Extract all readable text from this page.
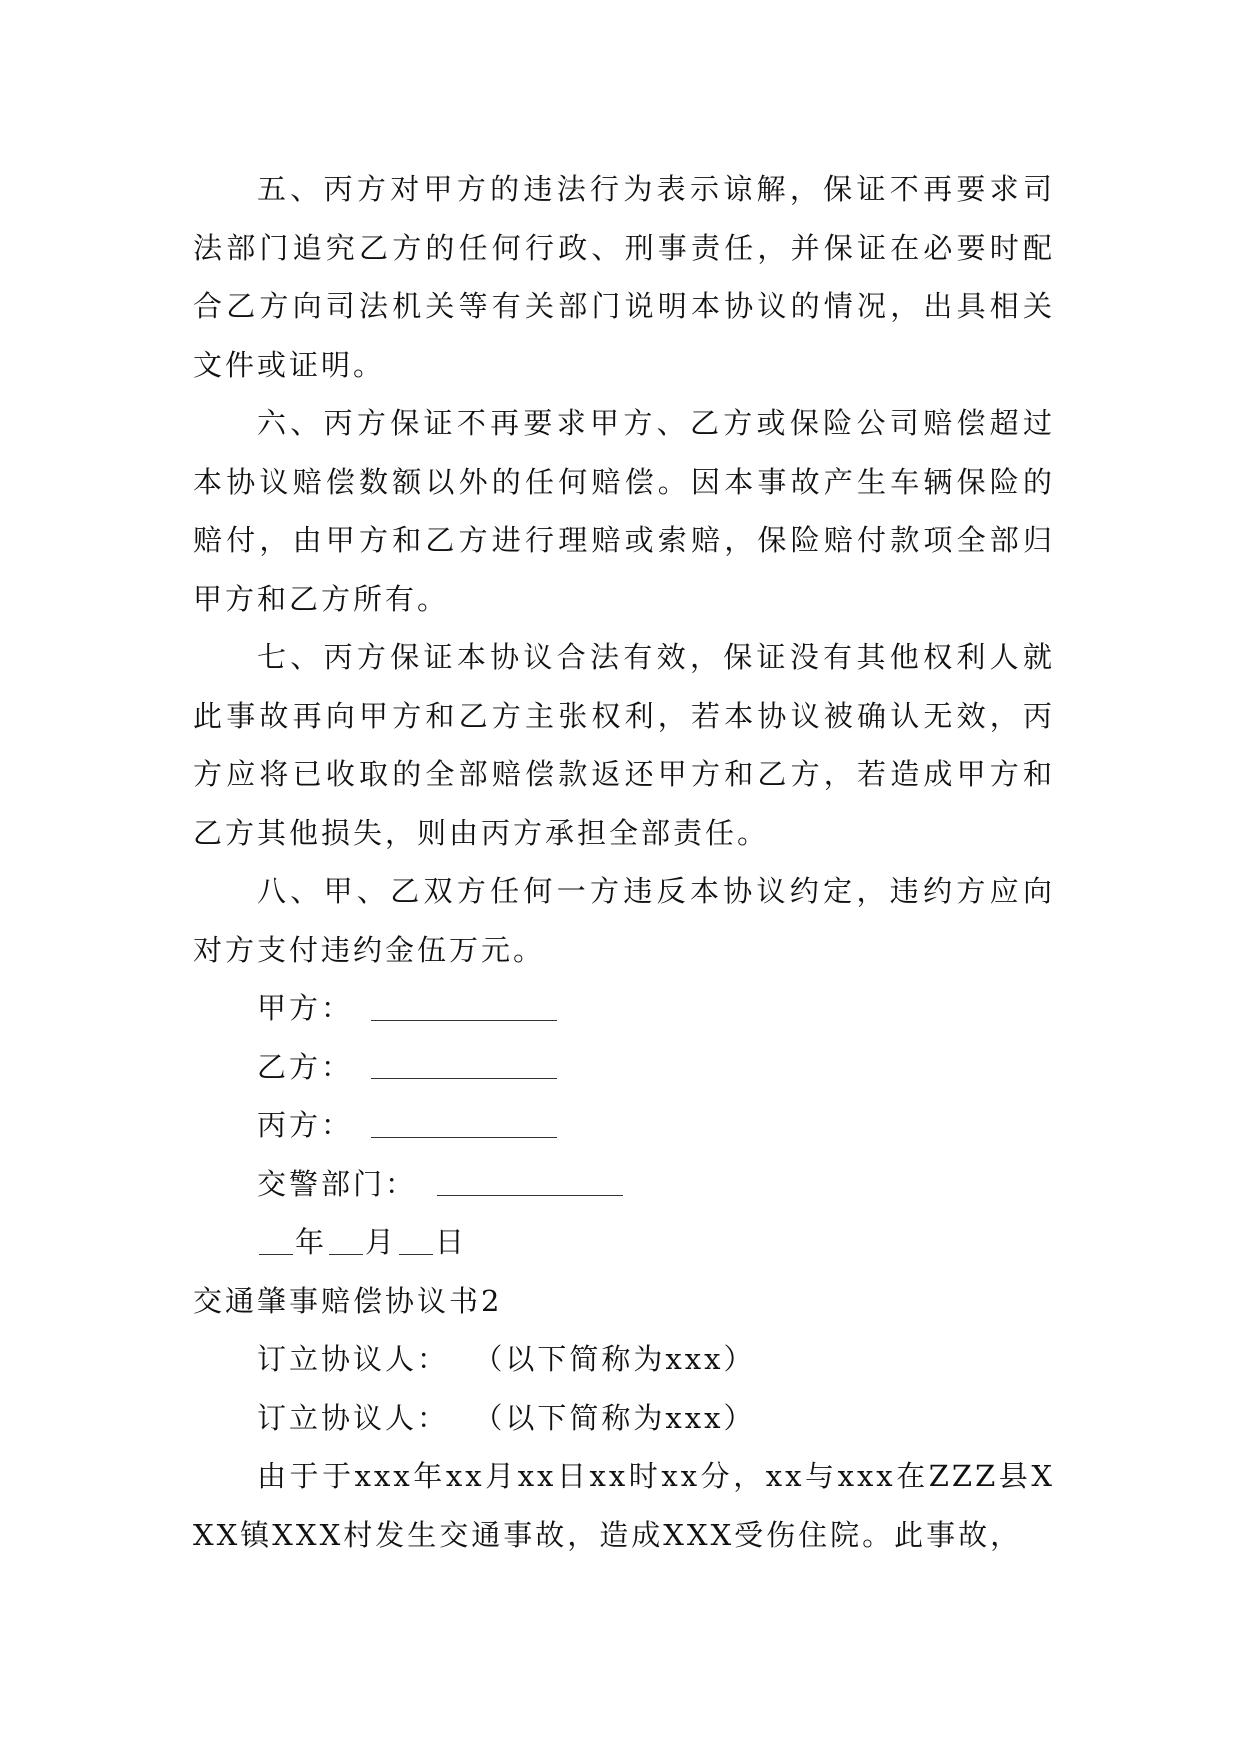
五、丙方对甲方的违法行为表示谅解，保证不再要求司法部门追究乙方的任何行政、刑事责任，并保证在必要时配合乙方向司法机关等有关部门说明本协议的情况，出具相关文件或证明。

六、丙方保证不再要求甲方、乙方或保险公司赔偿超过本协议赔偿数额以外的任何赔偿。因本事故产生车辆保险的赔付，由甲方和乙方进行理赔或索赔，保险赔付款项全部归甲方和乙方所有。

七、丙方保证本协议合法有效，保证没有其他权利人就此事故再向甲方和乙方主张权利，若本协议被确认无效，丙方应将已收取的全部赔偿款返还甲方和乙方，若造成甲方和乙方其他损失，则由丙方承担全部责任。

八、甲、乙双方任何一方违反本协议约定，违约方应向对方支付违约金伍万元。

甲方：

乙方：

丙方：

交警部门：

年 月 日

交通肇事赔偿协议书2

订立协议人：  （以下简称为xxx）

订立协议人：  （以下简称为xxx）

由于于xxx年xx月xx日xx时xx分，xx与xxx在ZZZ县XXX镇XXX村发生交通事故，造成XXX受伤住院。此事故，
